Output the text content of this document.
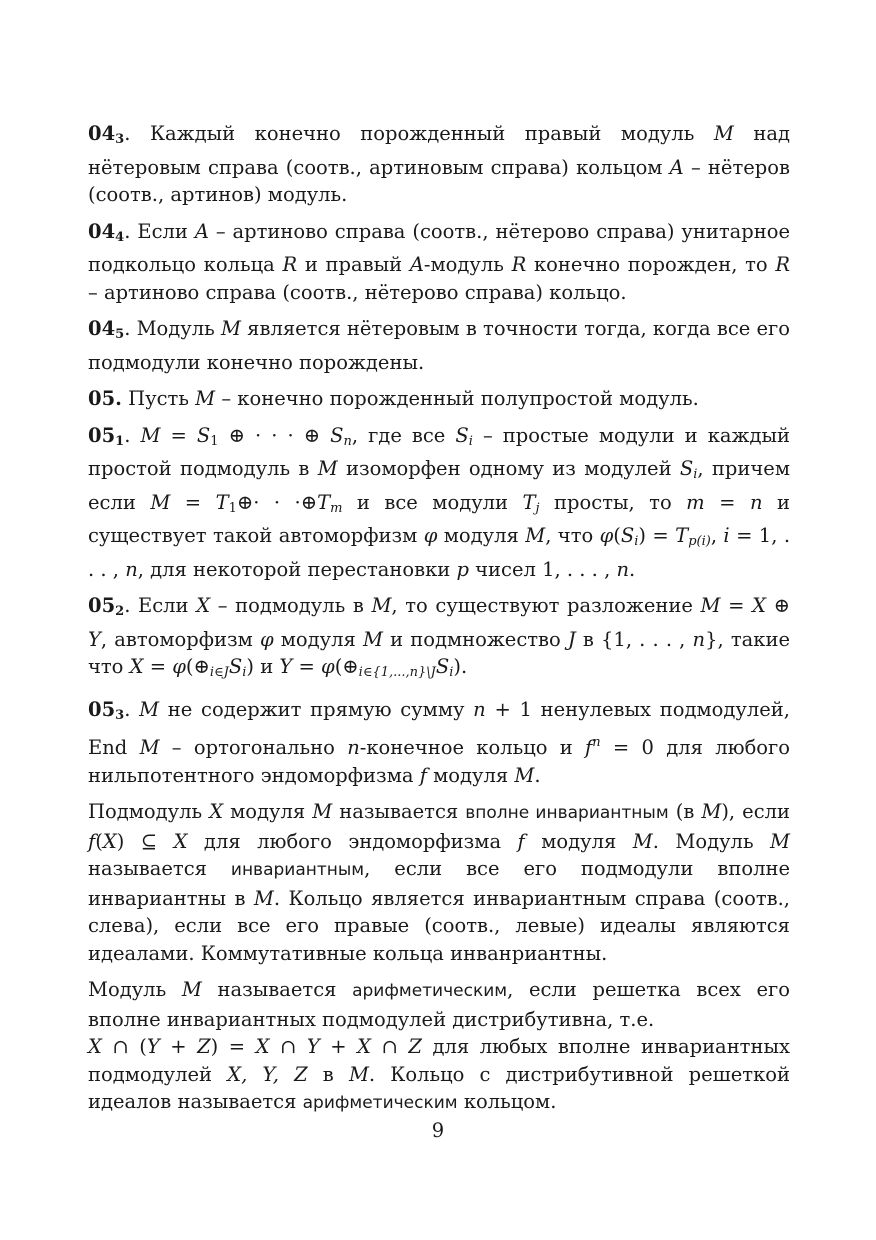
$04_3$. Каждый конечно порожденный правый модуль M над нётеровым справа (соотв., артиновым справа) кольцом A – нётеров (соотв., артинов) модуль.

$04_4$. Если A – артиново справа (соотв., нётерово справа) унитарное подкольцо кольца R и правый A-модуль R конечно порожден, то R – артиново справа (соотв., нётерово справа) кольцо.

$04_5$. Модуль M является нётеровым в точности тогда, когда все его подмодули конечно порождены.

05. Пусть M – конечно порожденный полупростой модуль.

$05_1$. $M = S_1$ ⊕ · · · ⊕ $S_n$, где все $S_i$ – простые модули и каждый простой подмодуль в M изоморфен одному из модулей $S_i$, причем если $M = T_1\oplus\cdot$ · $\cdot\oplus T_m$ и все модули $T_j$ просты, то m = n и существует такой автоморфизм φ модуля M, что $\varphi(S_i) = T_{p(i)}$, i = 1, . . . , n, для некоторой перестановки p чисел 1, . . . , n.

$05_2$. Если X – подмодуль в M, то существуют разложение M = X ⊕ Y, автоморфизм φ модуля M и подмножество J в {1, . . . , n}, такие что $X = \varphi(\oplus_{i\in J}S_i)$ и $Y = \varphi(\oplus_{i\in\{1,...,n\}\backslash J}S_i)$.

$05_3$. M не содержит прямую сумму n + 1 ненулевых подмодулей, End M – ортогонально n-конечное кольцо и $f^n = 0$ для любого нильпотентного эндоморфизма f модуля M.

Подмодуль X модуля M называется вполне инвариантным (в M), если f(X) ⊆ X для любого эндоморфизма f модуля M. Модуль M называется инвариантным, если все его подмодули вполне инвариантны в M. Кольцо является инвариантным справа (соотв., слева), если все его правые (соотв., левые) идеалы являются идеалами. Коммутативные кольца инванриантны.

Модуль M называется арифметическим, если решетка всех его вполне инвариантных подмодулей дистрибутивна, т.е.
X ∩ (Y + Z) = X ∩ Y + X ∩ Z для любых вполне инвариантных подмодулей X, Y, Z в M. Кольцо с дистрибутивной решеткой идеалов называется арифметическим кольцом.

9
